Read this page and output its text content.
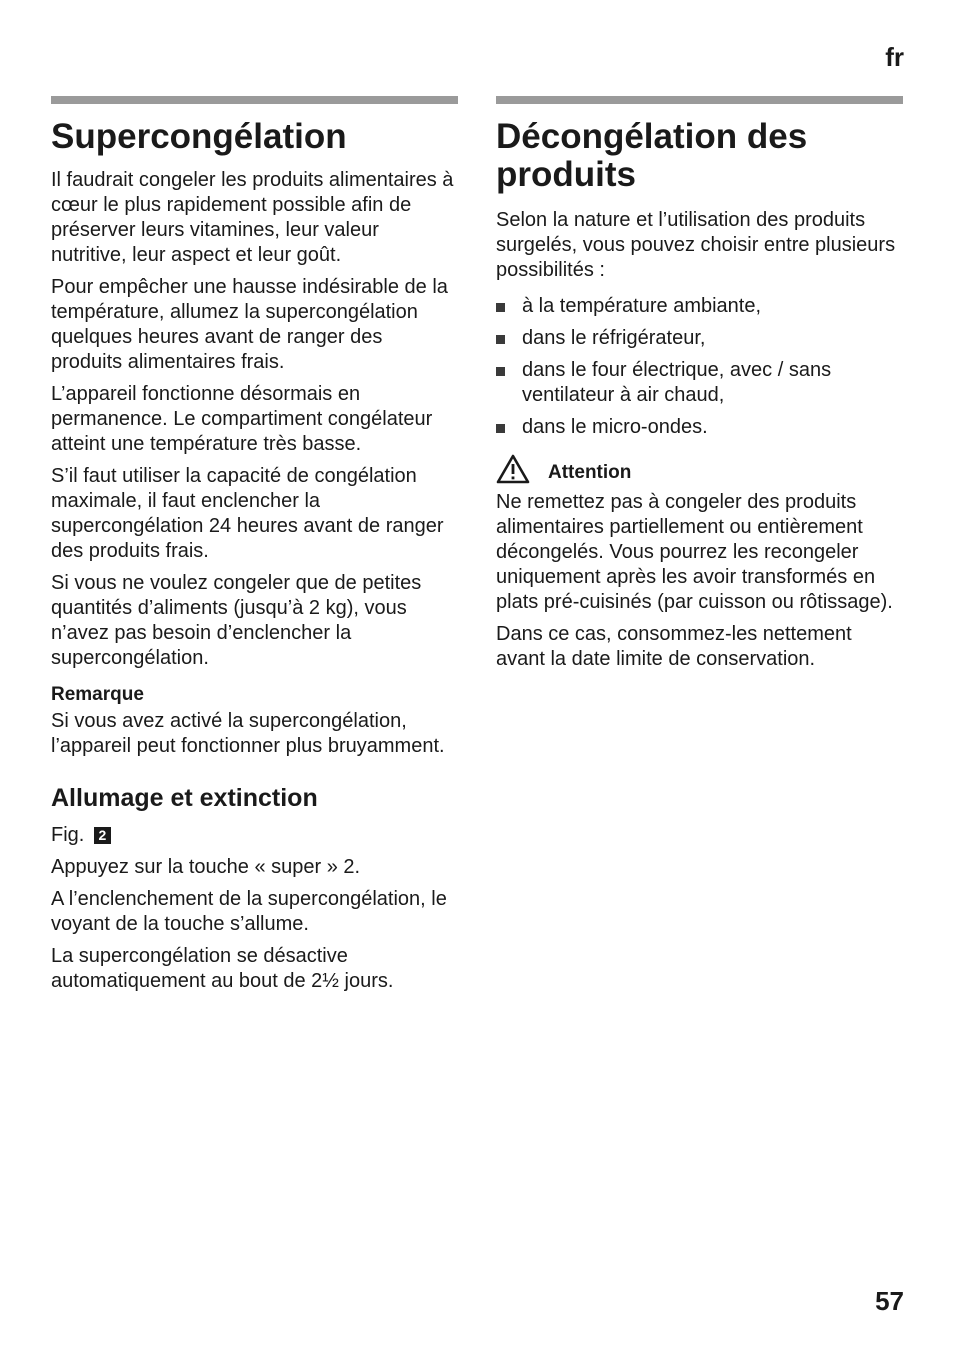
fr
Supercongélation

Il faudrait congeler les produits alimentaires à cœur le plus rapidement possible afin de préserver leurs vitamines, leur valeur nutritive, leur aspect et leur goût.

Pour empêcher une hausse indésirable de la température, allumez la supercongélation quelques heures avant de ranger des produits alimentaires frais.

L’appareil fonctionne désormais en permanence. Le compartiment congélateur atteint une température très basse.

S’il faut utiliser la capacité de congélation maximale, il faut enclencher la supercongélation 24 heures avant de ranger des produits frais.

Si vous ne voulez congeler que de petites quantités d’aliments (jusqu’à 2 kg), vous n’avez pas besoin d’enclencher la supercongélation.

Remarque

Si vous avez activé la supercongélation, l’appareil peut fonctionner plus bruyamment.

Allumage et extinction

Fig. 2

Appuyez sur la touche « super » 2.

A l’enclenchement de la supercongélation, le voyant de la touche s’allume.

La supercongélation se désactive automatiquement au bout de 2½ jours.

Décongélation des produits

Selon la nature et l’utilisation des produits surgelés, vous pouvez choisir entre plusieurs possibilités :

à la température ambiante,
dans le réfrigérateur,
dans le four électrique, avec / sans ventilateur à air chaud,
dans le micro-ondes.
Attention

Ne remettez pas à congeler des produits alimentaires partiellement ou entièrement décongelés. Vous pourrez les recongeler uniquement après les avoir transformés en plats pré-cuisinés (par cuisson ou rôtissage).

Dans ce cas, consommez-les nettement avant la date limite de conservation.

57
